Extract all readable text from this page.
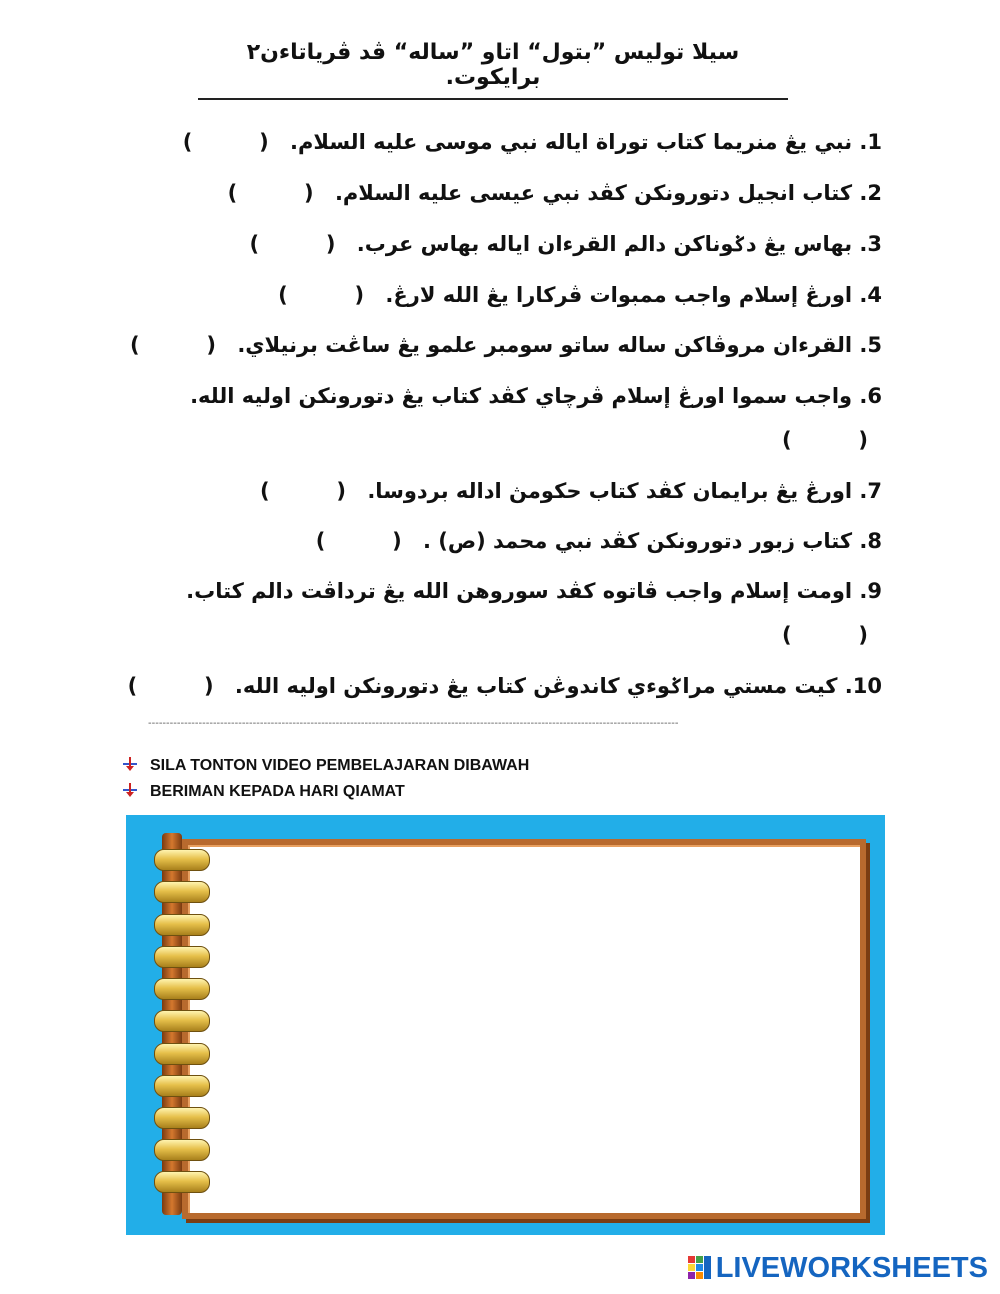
سيلا توليس ”بتول“ اتاو ”ساله“ ڤد ڤرياتاءن٢ برايكوت.
1. نبي يڠ منريما كتاب توراة اياله نبي موسى عليه السلام. ( )
2. كتاب انجيل دتورونكن كڤد نبي عيسى عليه السلام. ( )
3. بهاس يڠ دݢوناكن دالم القرءان اياله بهاس عرب. ( )
4. اورڠ إسلام واجب ممبوات ڤركارا يڠ الله لارڠ. ( )
5. القرءان مروڤاكن ساله ساتو سومبر علمو يڠ ساڠت برنيلاي. ( )
6. واجب سموا اورڠ إسلام ڤرچاي كڤد كتاب يڠ دتورونكن اوليه الله.
( )
7. اورڠ يڠ برايمان كڤد كتاب حكومڽ اداله بردوسا. ( )
8. كتاب زبور دتورونكن كڤد نبي محمد (ص) . ( )
9. اومت إسلام واجب ڤاتوه كڤد سوروهن الله يڠ ترداڤت دالم كتاب.
( )
10. كيت مستي مراݢوءي كاندوڠن كتاب يڠ دتورونكن اوليه الله. ( )
---------------------------------------------------------------------------------------------------------------------------------------------------
SILA TONTON VIDEO PEMBELAJARAN DIBAWAH
BERIMAN KEPADA HARI QIAMAT
LIVEWORKSHEETS
